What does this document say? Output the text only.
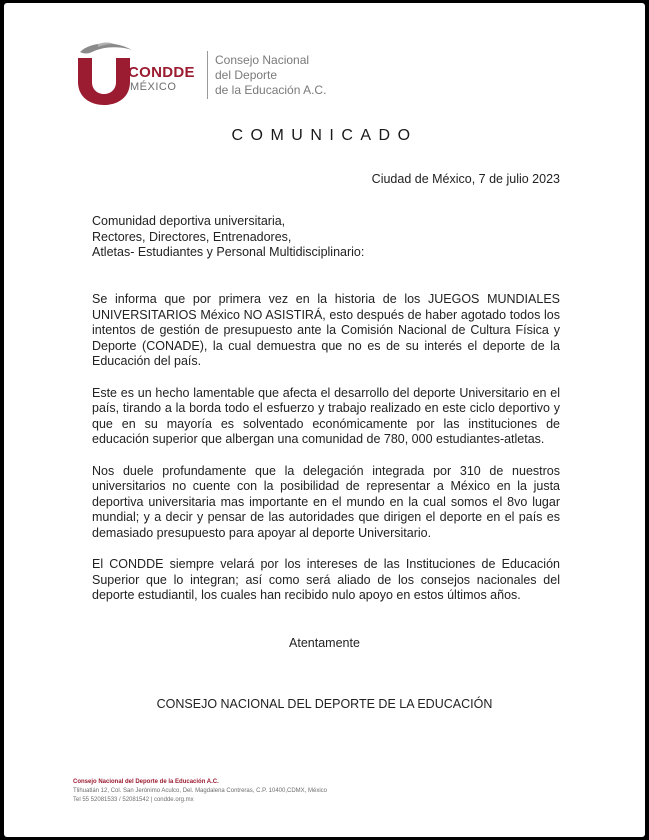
CONDDE
MÉXICO
Consejo Nacional
del Deporte
de la Educación A.C.
COMUNICADO
Ciudad de México, 7 de julio 2023
Comunidad deportiva universitaria,
Rectores, Directores, Entrenadores,
Atletas- Estudiantes y Personal Multidisciplinario:

Se informa que por primera vez en la historia de los JUEGOS MUNDIALES UNIVERSITARIOS México NO ASISTIRÁ, esto después de haber agotado todos los intentos de gestión de presupuesto ante la Comisión Nacional de Cultura Física y Deporte (CONADE), la cual demuestra que no es de su interés el deporte de la Educación del país.

Este es un hecho lamentable que afecta el desarrollo del deporte Universitario en el país, tirando a la borda todo el esfuerzo y trabajo realizado en este ciclo deportivo y que en su mayoría es solventado económicamente por las instituciones de educación superior que albergan una comunidad de 780, 000 estudiantes-atletas.

Nos duele profundamente que la delegación integrada por 310 de nuestros universitarios no cuente con la posibilidad de representar a México en la justa deportiva universitaria mas importante en el mundo en la cual somos el 8vo lugar mundial; y a decir y pensar de las autoridades que dirigen el deporte en el país es demasiado presupuesto para apoyar al deporte Universitario.

El CONDDE siempre velará por los intereses de las Instituciones de Educación Superior que lo integran; así como será aliado de los consejos nacionales del deporte estudiantil, los cuales han recibido nulo apoyo en estos últimos años.

Atentamente
CONSEJO NACIONAL DEL DEPORTE DE LA EDUCACIÓN
Consejo Nacional del Deporte de la Educación A.C.
Tlihuatlán 12, Col. San Jerónimo Aculco, Del. Magdalena Contreras, C.P. 10400,CDMX, México
Tel 55 52081533 / 52081542 | condde.org.mx
